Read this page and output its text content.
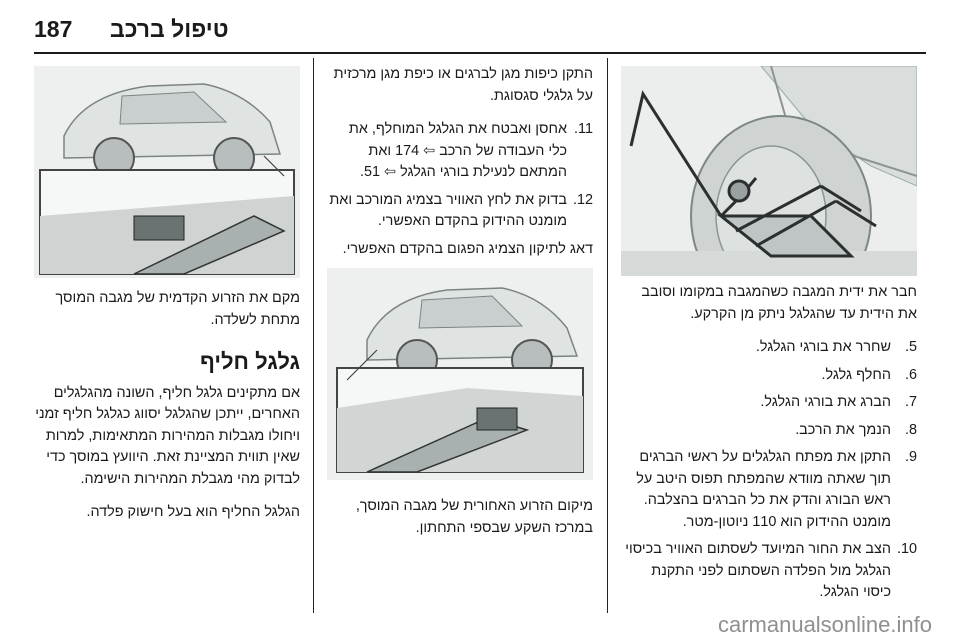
187 טיפול ברכב

חבר את ידית המגבה כשהמגבה במקומו וסובב את הידית עד שהגלגל ניתק מן הקרקע.

5.
שחרר את בורגי הגלגל.
6.
החלף גלגל.
7.
הברג את בורגי הגלגל.
8.
הנמך את הרכב.
9.
התקן את מפתח הגלגלים על ראשי הברגים תוך שאתה מוודא שהמפתח תפוס היטב על ראש הבורג והדק את כל הברגים בהצלבה. מומנט ההידוק הוא 110 ניוטון-מטר.
10.
הצב את החור המיועד לשסתום האוויר בכיסוי הגלגל מול הפלדה השסתום לפני התקנת כיסוי הגלגל.

התקן כיפות מגן לברגים או כיפת מגן מרכזית על גלגלי סגסוגת.

11.
אחסן ואבטח את הגלגל המוחלף, את כלי העבודה של הרכב ⇦ 174 ואת המתאם לנעילת בורגי הגלגל ⇦ 51.
12.
בדוק את לחץ האוויר בצמיג המורכב ואת מומנט ההידוק בהקדם האפשרי.

דאג לתיקון הצמיג הפגום בהקדם האפשרי.

מיקום הזרוע האחורית של מגבה המוסך, במרכז השקע שבספי התחתון.

מקם את הזרוע הקדמית של מגבה המוסך מתחת לשלדה.

גלגל חליף

אם מתקינים גלגל חליף, השונה מהגלגלים האחרים, ייתכן שהגלגל יסווג כגלגל חליף זמני ויחולו מגבלות המהירות המתאימות, למרות שאין תווית המציינת זאת. היוועץ במוסך כדי לבדוק מהי מגבלת המהירות הישימה.

הגלגל החליף הוא בעל חישוק פלדה.

carmanualsonline.info
